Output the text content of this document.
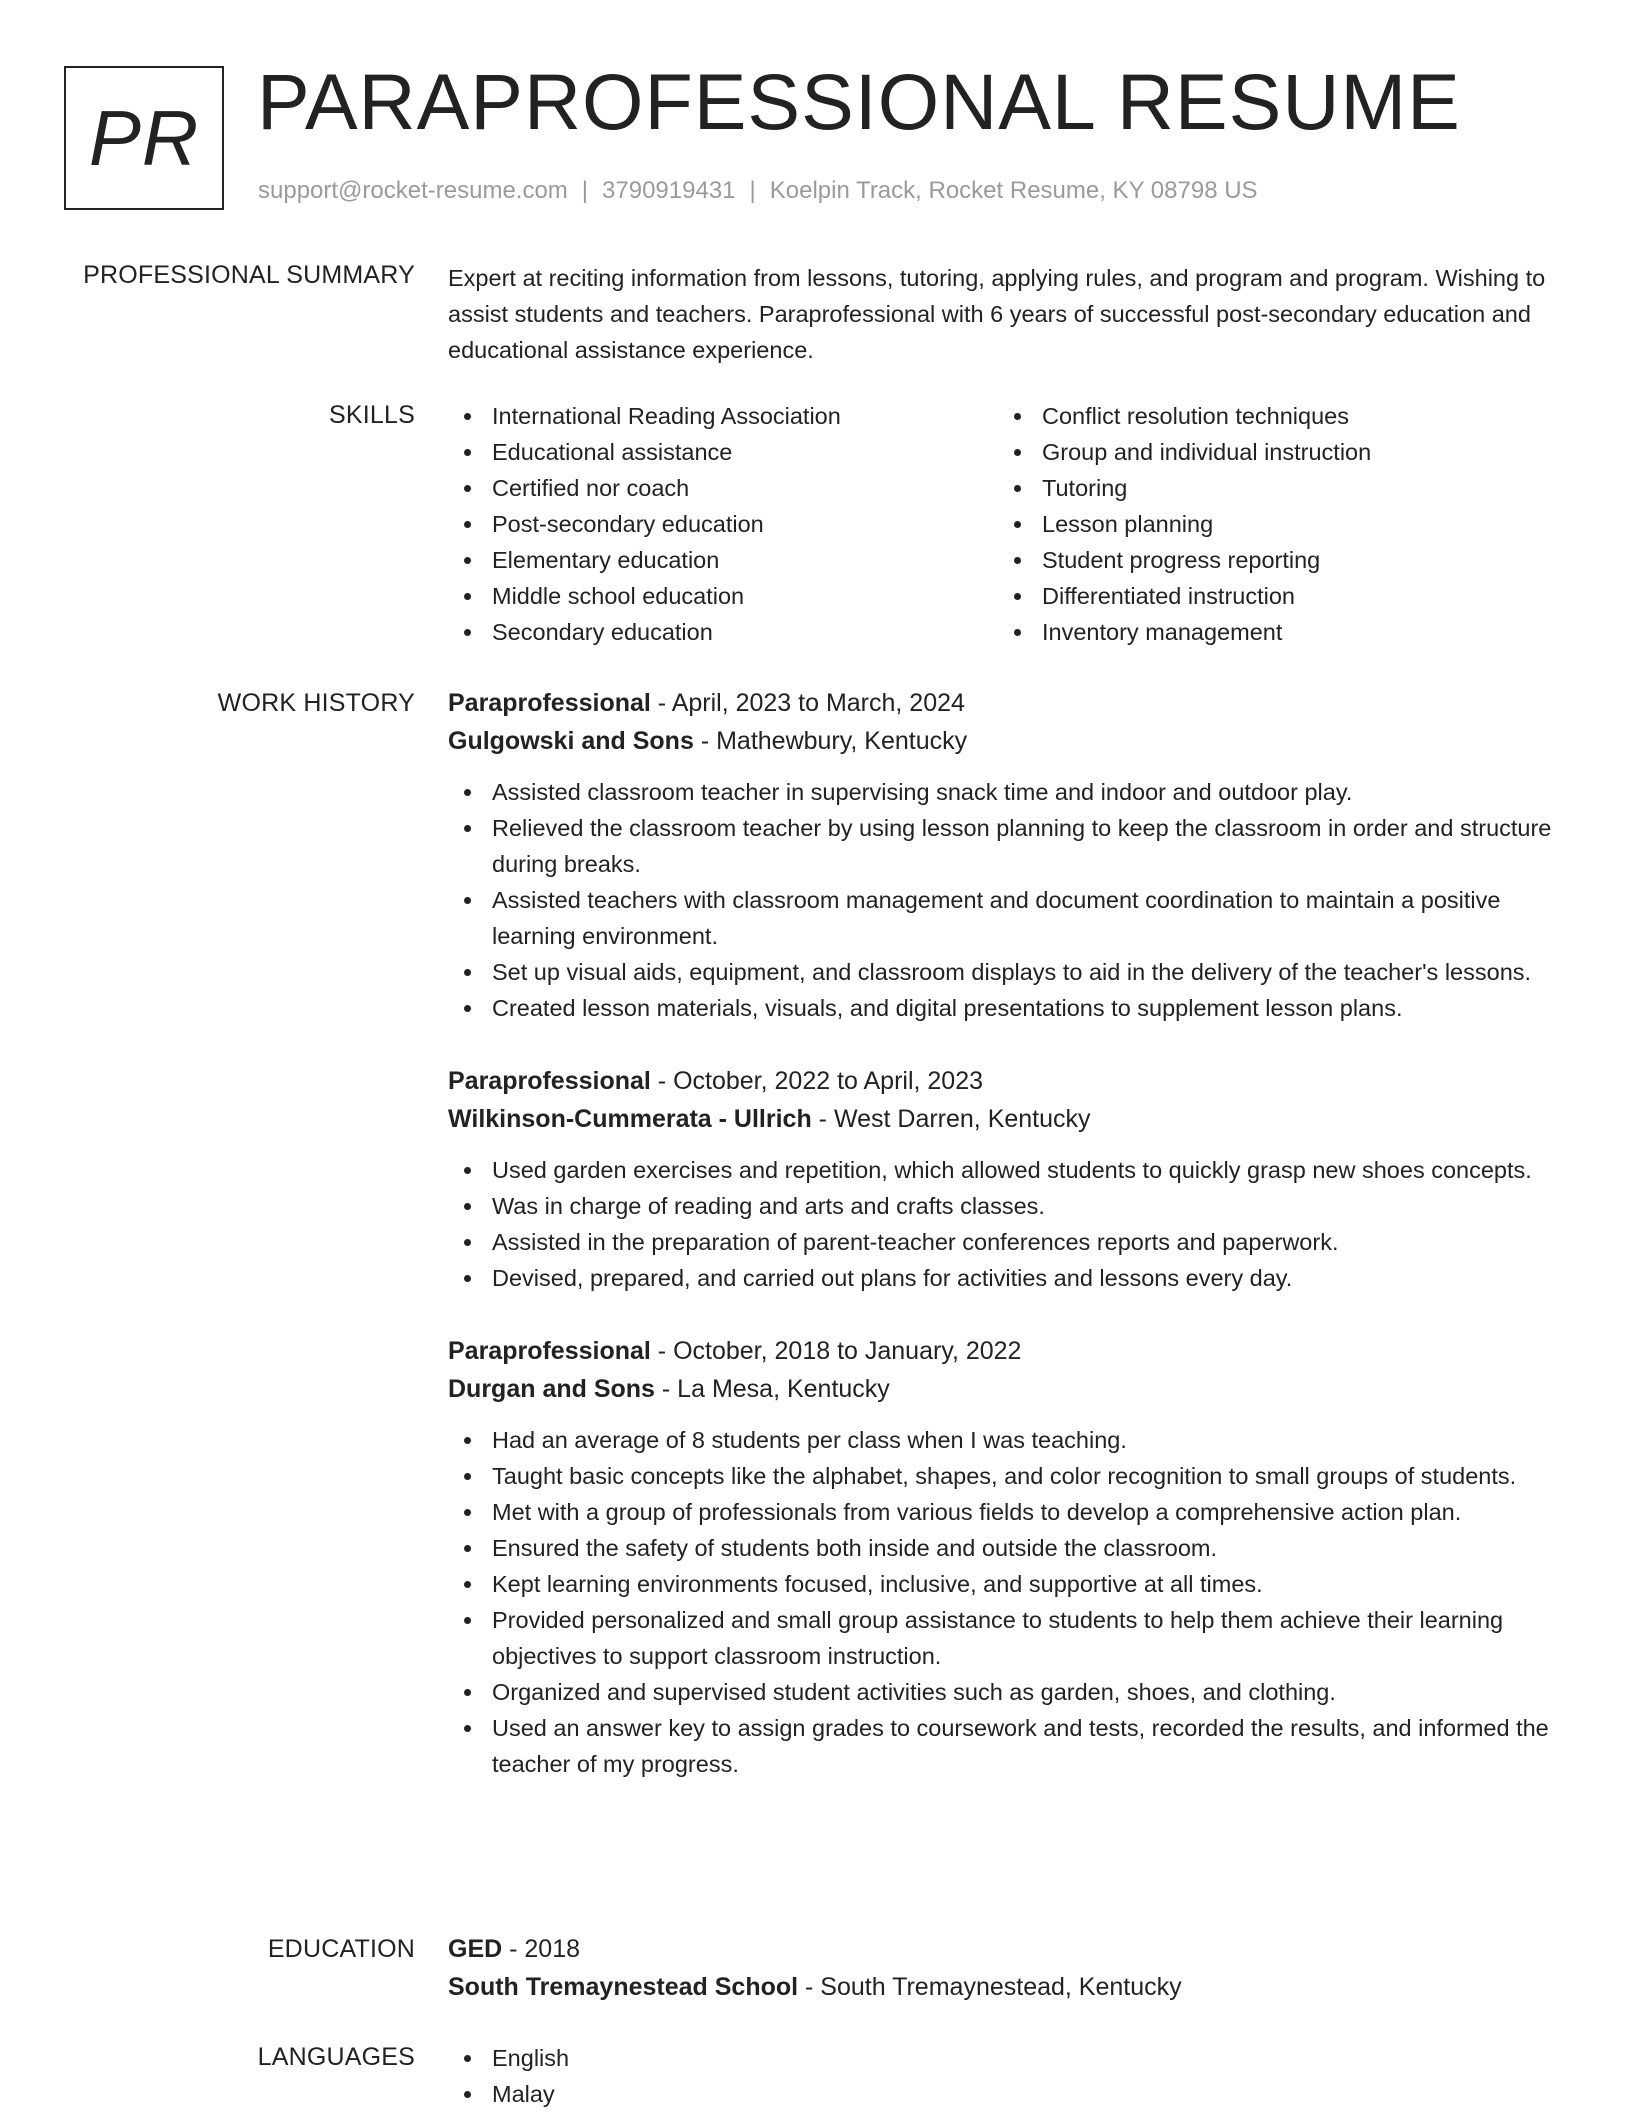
PR PARAPROFESSIONAL RESUME
support@rocket-resume.com | 3790919431 | Koelpin Track, Rocket Resume, KY 08798 US
PROFESSIONAL SUMMARY Expert at reciting information from lessons, tutoring, applying rules, and program and program. Wishing to assist students and teachers. Paraprofessional with 6 years of successful post-secondary education and educational assistance experience.
SKILLS	International Reading Association
Educational assistance
Certified nor coach
Post-secondary education
Elementary education
Middle school education
Secondary education
Conflict resolution techniques
Group and individual instruction
Tutoring
Lesson planning
Student progress reporting
Differentiated instruction
Inventory management
WORK HISTORY Paraprofessional - April, 2023 to March, 2024
Gulgowski and Sons - Mathewbury, Kentucky
Assisted classroom teacher in supervising snack time and indoor and outdoor play.
Relieved the classroom teacher by using lesson planning to keep the classroom in order and structure during breaks.
Assisted teachers with classroom management and document coordination to maintain a positive learning environment.
Set up visual aids, equipment, and classroom displays to aid in the delivery of the teacher's lessons.
Created lesson materials, visuals, and digital presentations to supplement lesson plans.
Paraprofessional - October, 2022 to April, 2023
Wilkinson-Cummerata - Ullrich - West Darren, Kentucky
Used garden exercises and repetition, which allowed students to quickly grasp new shoes concepts.
Was in charge of reading and arts and crafts classes.
Assisted in the preparation of parent-teacher conferences reports and paperwork.
Devised, prepared, and carried out plans for activities and lessons every day.
Paraprofessional - October, 2018 to January, 2022
Durgan and Sons - La Mesa, Kentucky
Had an average of 8 students per class when I was teaching.
Taught basic concepts like the alphabet, shapes, and color recognition to small groups of students.
Met with a group of professionals from various fields to develop a comprehensive action plan.
Ensured the safety of students both inside and outside the classroom.
Kept learning environments focused, inclusive, and supportive at all times.
Provided personalized and small group assistance to students to help them achieve their learning objectives to support classroom instruction.
Organized and supervised student activities such as garden, shoes, and clothing.
Used an answer key to assign grades to coursework and tests, recorded the results, and informed the teacher of my progress.
EDUCATION GED - 2018
South Tremaynestead School - South Tremaynestead, Kentucky
LANGUAGES	English
Malay
